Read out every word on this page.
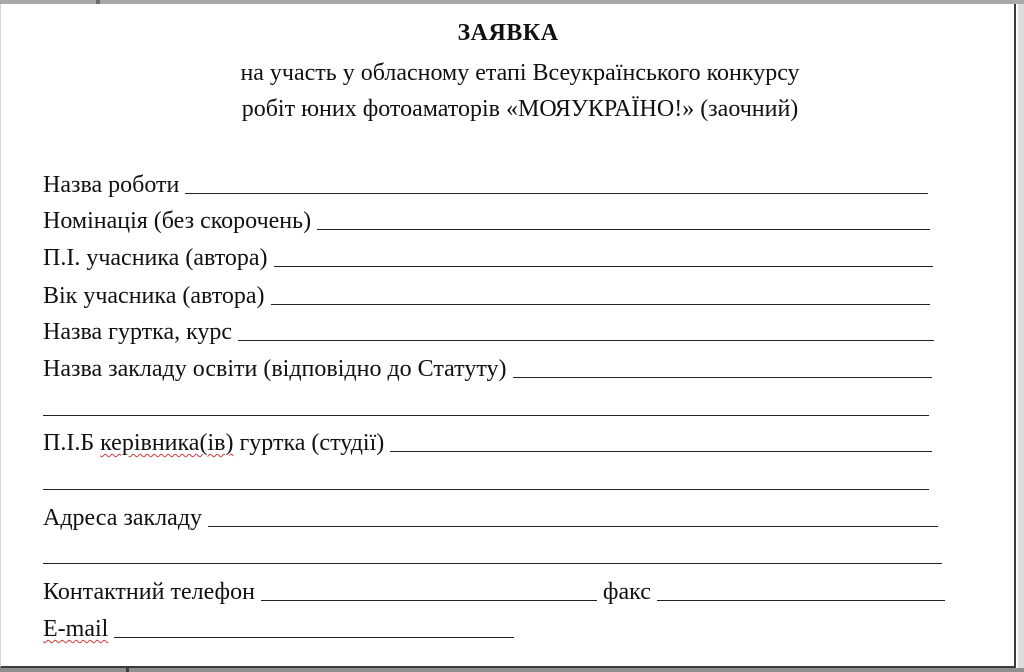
ЗАЯВКА
на участь у обласному етапі Всеукраїнського конкурсу
робіт юних фотоаматорів «МОЯУКРАЇНО!» (заочний)
Назва роботи
Номінація (без скорочень)
П.І. учасника (автора)
Вік учасника (автора)
Назва гуртка, курс
Назва закладу освіти (відповідно до Статуту)
П.І.Б керівника(ів) гуртка (студії)
Адреса закладу
Контактний телефон	факс
E-mail
